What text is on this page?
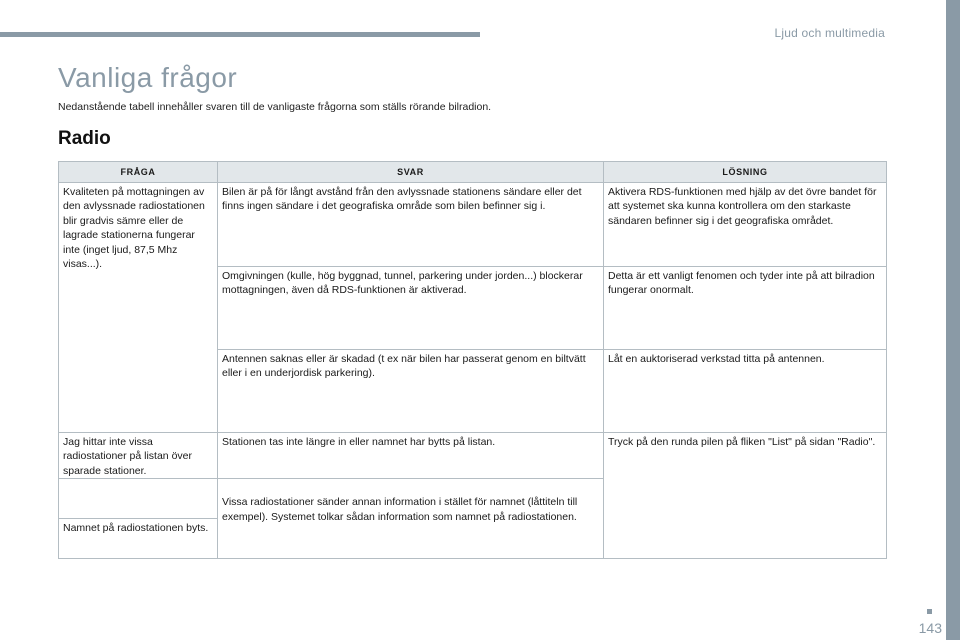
Ljud och multimedia
Vanliga frågor
Nedanstående tabell innehåller svaren till de vanligaste frågorna som ställs rörande bilradion.
Radio
FRÅGA	SVAR	LÖSNING
Kvaliteten på mottagningen av den avlyssnade radiostationen blir gradvis sämre eller de lagrade stationerna fungerar inte (inget ljud, 87,5 Mhz visas...).	Bilen är på för långt avstånd från den avlyssnade stationens sändare eller det finns ingen sändare i det geografiska område som bilen befinner sig i.	Aktivera RDS-funktionen med hjälp av det övre bandet för att systemet ska kunna kontrollera om den starkaste sändaren befinner sig i det geografiska området.
	Omgivningen (kulle, hög byggnad, tunnel, parkering under jorden...) blockerar mottagningen, även då RDS-funktionen är aktiverad.	Detta är ett vanligt fenomen och tyder inte på att bilradion fungerar onormalt.
	Antennen saknas eller är skadad (t ex när bilen har passerat genom en biltvätt eller i en underjordisk parkering).	Låt en auktoriserad verkstad titta på antennen.
Jag hittar inte vissa radiostationer på listan över sparade stationer.	Stationen tas inte längre in eller namnet har bytts på listan.	Tryck på den runda pilen på fliken "List" på sidan "Radio".
	Vissa radiostationer sänder annan information i stället för namnet (låttiteln till exempel). Systemet tolkar sådan information som namnet på radiostationen.	
Namnet på radiostationen byts.		
143
